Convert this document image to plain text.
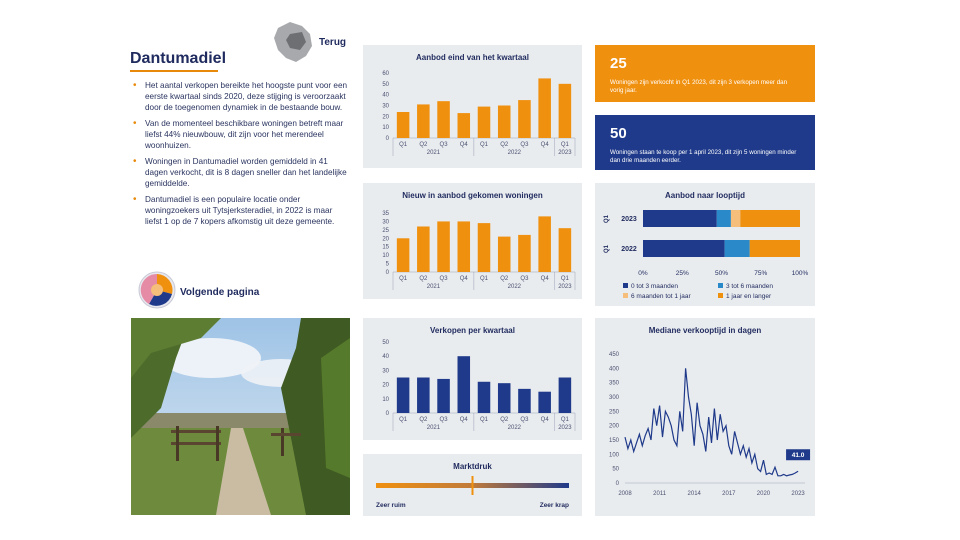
Dantumadiel
Terug
• Het aantal verkopen bereikte het hoogste punt voor een eerste kwartaal sinds 2020, deze stijging is veroorzaakt door de toegenomen dynamiek in de bestaande bouw.
• Van de momenteel beschikbare woningen betreft maar liefst 44% nieuwbouw, dit zijn voor het merendeel woonhuizen.
• Woningen in Dantumadiel worden gemiddeld in 41 dagen verkocht, dit is 8 dagen sneller dan het landelijke gemiddelde.
• Dantumadiel is een populaire locatie onder woningzoekers uit Tytsjerksteradiel, in 2022 is maar liefst 1 op de 7 kopers afkomstig uit deze gemeente.
Volgende pagina
Aanbod eind van het kwartaal
0
10
20
30
40
50
60
Q1 Q2 Q3 Q4 Q1 Q2 Q3 Q4 Q1
2021	2022	2023
Nieuw in aanbod gekomen woningen
0
5
10
15
20
25
30
35
Q1 Q2 Q3 Q4 Q1 Q2 Q3 Q4 Q1
2021	2022	2023
Verkopen per kwartaal
0
10
20
30
40
50
Q1 Q2 Q3 Q4 Q1 Q2 Q3 Q4 Q1
2021	2022	2023
Marktdruk
Zeer ruim	Zeer krap
25
Woningen zijn verkocht in Q1 2023, dit zijn 3 verkopen meer dan vorig jaar.
50
Woningen staan te koop per 1 april 2023, dit zijn 5 woningen minder dan drie maanden eerder.
Aanbod naar looptijd
2023
Q1
2022
Q1
0%	25%	50%	75%	100%
0 tot 3 maanden	3 tot 6 maanden
6 maanden tot 1 jaar	1 jaar en langer
Mediane verkooptijd in dagen
0
50
100
150
200
250
300
350
400
450
2008	2011	2014	2017	2020	2023
41.0
